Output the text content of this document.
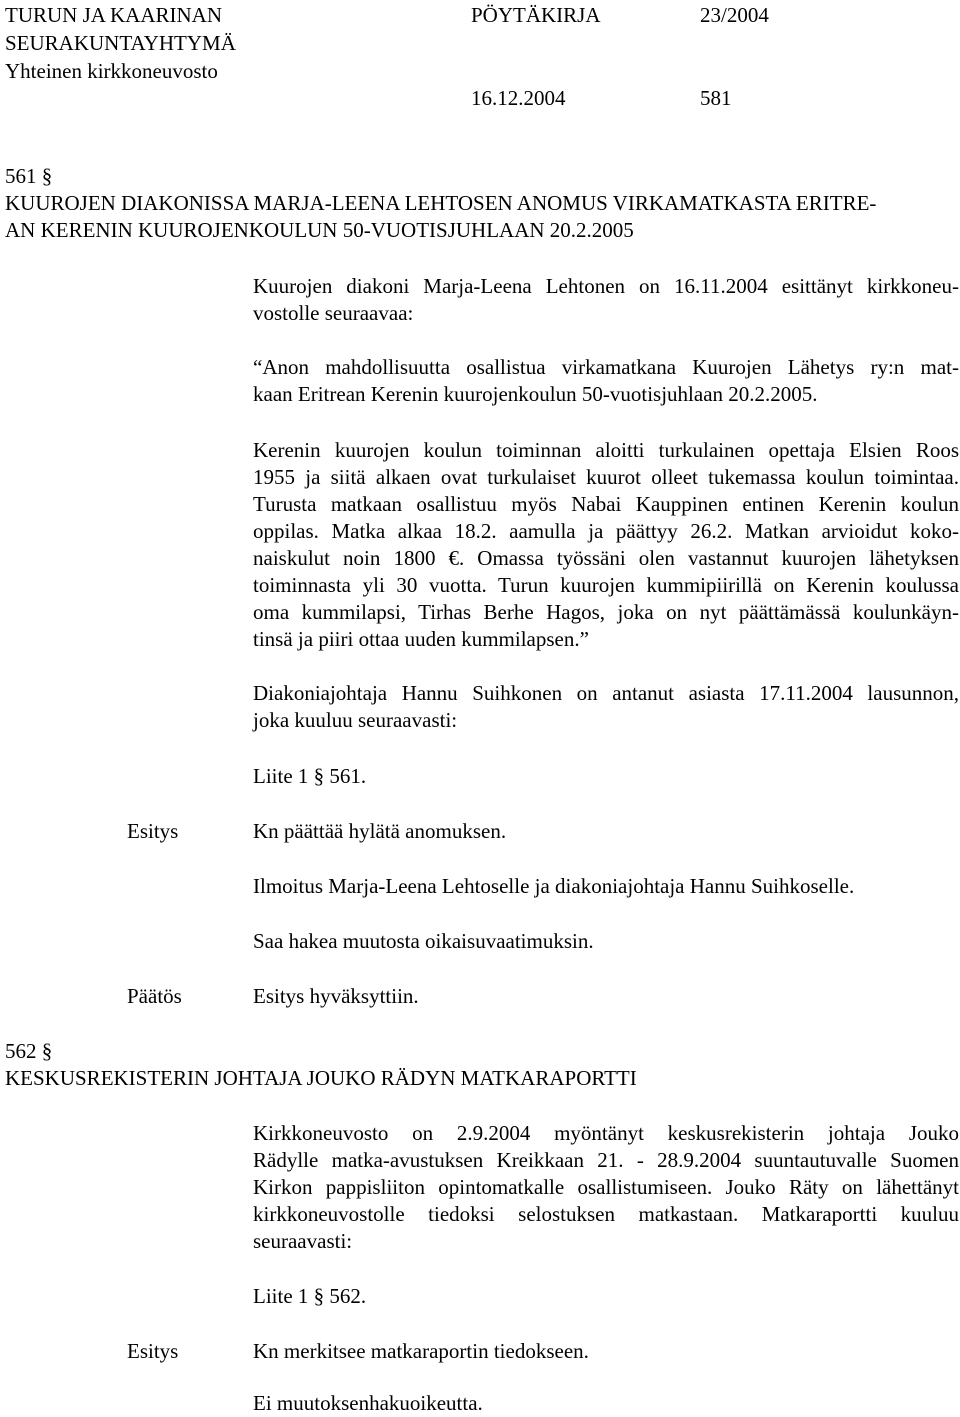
TURUN JA KAARINAN
SEURAKUNTAYHTYMÄ
Yhteinen kirkkoneuvosto
PÖYTÄKIRJA	23/2004
16.12.2004	581
561 §
KUUROJEN DIAKONISSA MARJA-LEENA LEHTOSEN ANOMUS VIRKAMATKASTA ERITRE-
AN KERENIN KUUROJENKOULUN 50-VUOTISJUHLAAN 20.2.2005
Kuurojen diakoni Marja-Leena Lehtonen on 16.11.2004 esittänyt kirkkoneu-
vostolle seuraavaa:
“Anon mahdollisuutta osallistua virkamatkana Kuurojen Lähetys ry:n mat-
kaan Eritrean Kerenin kuurojenkoulun 50-vuotisjuhlaan 20.2.2005.
Kerenin kuurojen koulun toiminnan aloitti turkulainen opettaja Elsien Roos
1955 ja siitä alkaen ovat turkulaiset kuurot olleet tukemassa koulun toimintaa.
Turusta matkaan osallistuu myös Nabai Kauppinen entinen Kerenin koulun
oppilas. Matka alkaa 18.2. aamulla ja päättyy 26.2. Matkan arvioidut koko-
naiskulut noin 1800 €. Omassa työssäni olen vastannut kuurojen lähetyksen
toiminnasta yli 30 vuotta. Turun kuurojen kummipiirillä on Kerenin koulussa
oma kummilapsi, Tirhas Berhe Hagos, joka on nyt päättämässä koulunkäyn-
tinsä ja piiri ottaa uuden kummilapsen.”
Diakoniajohtaja Hannu Suihkonen on antanut asiasta 17.11.2004 lausunnon,
joka kuuluu seuraavasti:
Liite 1 § 561.
Esitys	Kn päättää hylätä anomuksen.
Ilmoitus Marja-Leena Lehtoselle ja diakoniajohtaja Hannu Suihkoselle.
Saa hakea muutosta oikaisuvaatimuksin.
Päätös	Esitys hyväksyttiin.
562 §
KESKUSREKISTERIN JOHTAJA JOUKO RÄDYN MATKARAPORTTI
Kirkkoneuvosto on 2.9.2004 myöntänyt keskusrekisterin johtaja Jouko
Rädylle matka-avustuksen Kreikkaan 21. - 28.9.2004 suuntautuvalle Suomen
Kirkon pappisliiton opintomatkalle osallistumiseen. Jouko Räty on lähettänyt
kirkkoneuvostolle tiedoksi selostuksen matkastaan. Matkaraportti kuuluu
seuraavasti:
Liite 1 § 562.
Esitys	Kn merkitsee matkaraportin tiedokseen.
Ei muutoksenhakuoikeutta.
